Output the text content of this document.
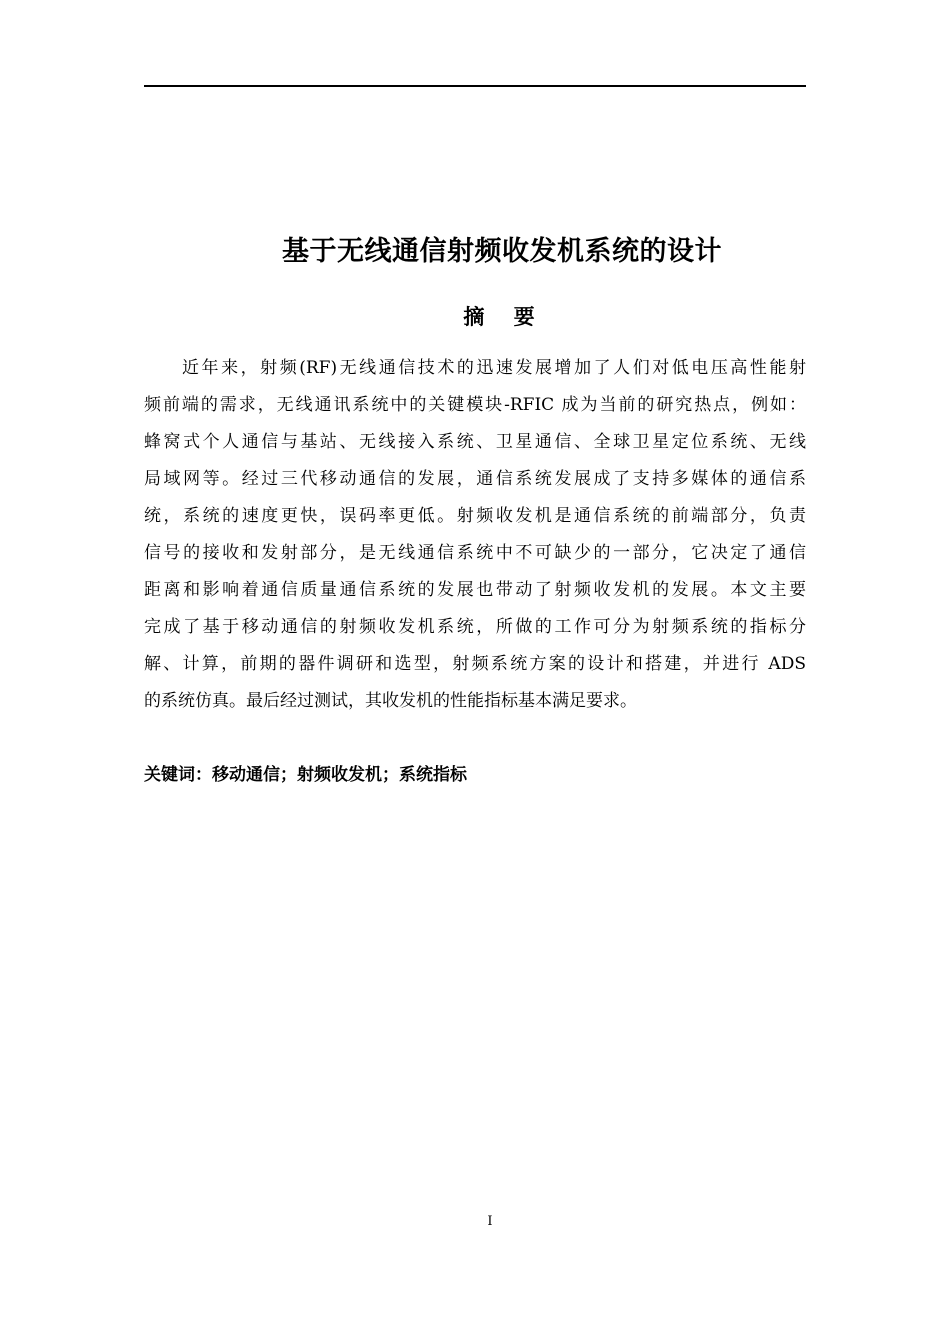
基于无线通信射频收发机系统的设计
摘 要
近年来，射频(RF)无线通信技术的迅速发展增加了人们对低电压高性能射
频前端的需求，无线通讯系统中的关键模块-RFIC 成为当前的研究热点，例如：
蜂窝式个人通信与基站、无线接入系统、卫星通信、全球卫星定位系统、无线
局域网等。经过三代移动通信的发展，通信系统发展成了支持多媒体的通信系
统，系统的速度更快，误码率更低。射频收发机是通信系统的前端部分，负责
信号的接收和发射部分，是无线通信系统中不可缺少的一部分，它决定了通信
距离和影响着通信质量通信系统的发展也带动了射频收发机的发展。本文主要
完成了基于移动通信的射频收发机系统，所做的工作可分为射频系统的指标分
解、计算，前期的器件调研和选型，射频系统方案的设计和搭建，并进行 ADS
的系统仿真。最后经过测试，其收发机的性能指标基本满足要求。
关键词：移动通信；射频收发机；系统指标
I
